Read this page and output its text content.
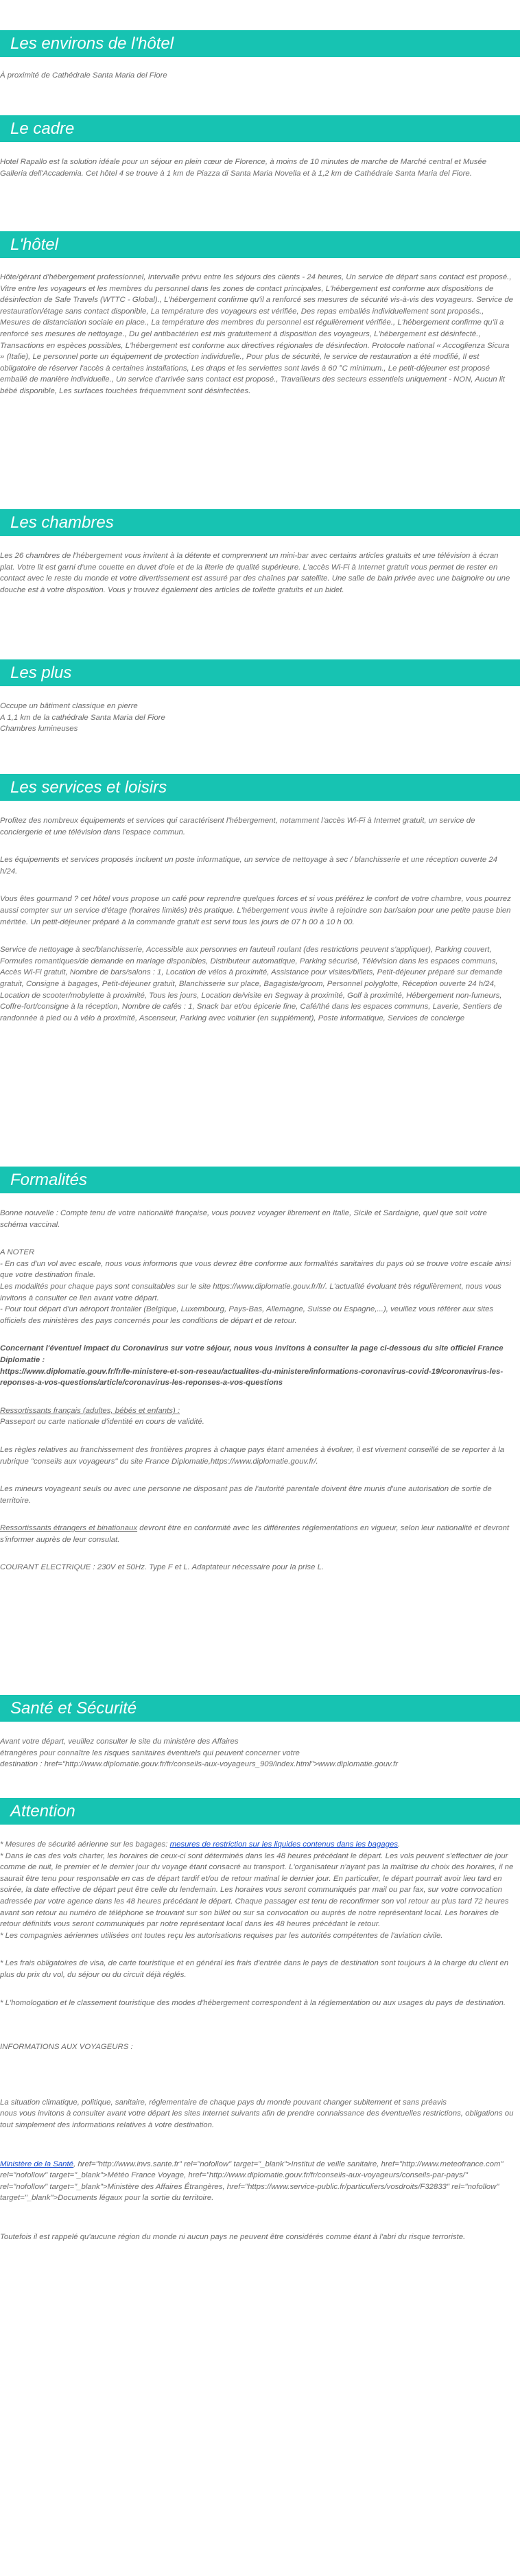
Les environs de l'hôtel

À proximité de Cathédrale Santa Maria del Fiore

Le cadre

Hotel Rapallo est la solution idéale pour un séjour en plein cœur de Florence, à moins de 10 minutes de marche de Marché central et Musée Galleria dell'Accademia. Cet hôtel 4 se trouve à 1 km de Piazza di Santa Maria Novella et à 1,2 km de Cathédrale Santa Maria del Fiore.

L'hôtel

Hôte/gérant d'hébergement professionnel, Intervalle prévu entre les séjours des clients - 24 heures, Un service de départ sans contact est proposé., Vitre entre les voyageurs et les membres du personnel dans les zones de contact principales, L'hébergement est conforme aux dispositions de désinfection de Safe Travels (WTTC - Global)., L'hébergement confirme qu'il a renforcé ses mesures de sécurité vis-à-vis des voyageurs. Service de restauration/étage sans contact disponible, La température des voyageurs est vérifiée, Des repas emballés individuellement sont proposés., Mesures de distanciation sociale en place., La température des membres du personnel est régulièrement vérifiée., L'hébergement confirme qu'il a renforcé ses mesures de nettoyage., Du gel antibactérien est mis gratuitement à disposition des voyageurs, L'hébergement est désinfecté., Transactions en espèces possibles, L'hébergement est conforme aux directives régionales de désinfection. Protocole national « Accoglienza Sicura » (Italie), Le personnel porte un équipement de protection individuelle., Pour plus de sécurité, le service de restauration a été modifié, Il est obligatoire de réserver l'accès à certaines installations, Les draps et les serviettes sont lavés à 60 °C minimum., Le petit-déjeuner est proposé emballé de manière individuelle., Un service d'arrivée sans contact est proposé., Travailleurs des secteurs essentiels uniquement - NON, Aucun lit bébé disponible, Les surfaces touchées fréquemment sont désinfectées.

Les chambres

Les 26 chambres de l'hébergement vous invitent à la détente et comprennent un mini-bar avec certains articles gratuits et une télévision à écran plat. Votre lit est garni d'une couette en duvet d'oie et de la literie de qualité supérieure. L'accès Wi-Fi à Internet gratuit vous permet de rester en contact avec le reste du monde et votre divertissement est assuré par des chaînes par satellite. Une salle de bain privée avec une baignoire ou une douche est à votre disposition. Vous y trouvez également des articles de toilette gratuits et un bidet.

Les plus

Occupe un bâtiment classique en pierre

A 1,1 km de la cathédrale Santa Maria del Fiore

Chambres lumineuses

Les services et loisirs

Profitez des nombreux équipements et services qui caractérisent l'hébergement, notamment l'accès Wi-Fi à Internet gratuit, un service de conciergerie et une télévision dans l'espace commun.

Les équipements et services proposés incluent un poste informatique, un service de nettoyage à sec / blanchisserie et une réception ouverte 24 h/24.

Vous êtes gourmand ? cet hôtel vous propose un café pour reprendre quelques forces et si vous préférez le confort de votre chambre, vous pourrez aussi compter sur un service d'étage (horaires limités) très pratique. L'hébergement vous invite à rejoindre son bar/salon pour une petite pause bien méritée. Un petit-déjeuner préparé à la commande gratuit est servi tous les jours de 07 h 00 à 10 h 00.

Service de nettoyage à sec/blanchisserie, Accessible aux personnes en fauteuil roulant (des restrictions peuvent s'appliquer), Parking couvert, Formules romantiques/de demande en mariage disponibles, Distributeur automatique, Parking sécurisé, Télévision dans les espaces communs, Accès Wi-Fi gratuit, Nombre de bars/salons : 1, Location de vélos à proximité, Assistance pour visites/billets, Petit-déjeuner préparé sur demande gratuit, Consigne à bagages, Petit-déjeuner gratuit, Blanchisserie sur place, Bagagiste/groom, Personnel polyglotte, Réception ouverte 24 h/24, Location de scooter/mobylette à proximité, Tous les jours, Location de/visite en Segway à proximité, Golf à proximité, Hébergement non-fumeurs, Coffre-fort/consigne à la réception, Nombre de cafés : 1, Snack bar et/ou épicerie fine, Café/thé dans les espaces communs, Laverie, Sentiers de randonnée à pied ou à vélo à proximité, Ascenseur, Parking avec voiturier (en supplément), Poste informatique, Services de concierge

Formalités

Bonne nouvelle : Compte tenu de votre nationalité française, vous pouvez voyager librement en Italie, Sicile et Sardaigne, quel que soit votre schéma vaccinal.

A NOTER

- En cas d'un vol avec escale, nous vous informons que vous devrez être conforme aux formalités sanitaires du pays où se trouve votre escale ainsi que votre destination finale.
Les modalités pour chaque pays sont consultables sur le site https://www.diplomatie.gouv.fr/fr/. L'actualité évoluant très régulièrement, nous vous invitons à consulter ce lien avant votre départ.
- Pour tout départ d'un aéroport frontalier (Belgique, Luxembourg, Pays-Bas, Allemagne, Suisse ou Espagne,...), veuillez vous référer aux sites officiels des ministères des pays concernés pour les conditions de départ et de retour.

Concernant l'éventuel impact du Coronavirus sur votre séjour, nous vous invitons à consulter la page ci-dessous du site officiel France Diplomatie :
https://www.diplomatie.gouv.fr/fr/le-ministere-et-son-reseau/actualites-du-ministere/informations-coronavirus-covid-19/coronavirus-les-reponses-a-vos-questions/article/coronavirus-les-reponses-a-vos-questions

Ressortissants français (adultes, bébés et enfants) :

Passeport ou carte nationale d'identité en cours de validité.

Les règles relatives au franchissement des frontières propres à chaque pays étant amenées à évoluer, il est vivement conseillé de se reporter à la rubrique "conseils aux voyageurs" du site France Diplomatie,https://www.diplomatie.gouv.fr/.

Les mineurs voyageant seuls ou avec une personne ne disposant pas de l'autorité parentale doivent être munis d'une autorisation de sortie de territoire.

Ressortissants étrangers et binationaux devront être en conformité avec les différentes réglementations en vigueur, selon leur nationalité et devront s'informer auprès de leur consulat.

COURANT ELECTRIQUE : 230V et 50Hz. Type F et L. Adaptateur nécessaire pour la prise L.

Santé et Sécurité

Avant votre départ, veuillez consulter le site du ministère des Affaires
étrangères pour connaître les risques sanitaires éventuels qui peuvent concerner votre
destination : href="http://www.diplomatie.gouv.fr/fr/conseils-aux-voyageurs_909/index.html">www.diplomatie.gouv.fr

Attention

* Mesures de sécurité aérienne sur les bagages: mesures de restriction sur les liquides contenus dans les bagages.
* Dans le cas des vols charter, les horaires de ceux-ci sont déterminés dans les 48 heures précédant le départ. Les vols peuvent s'effectuer de jour comme de nuit, le premier et le dernier jour du voyage étant consacré au transport. L'organisateur n'ayant pas la maîtrise du choix des horaires, il ne saurait être tenu pour responsable en cas de départ tardif et/ou de retour matinal le dernier jour. En particulier, le départ pourrait avoir lieu tard en soirée, la date effective de départ peut être celle du lendemain. Les horaires vous seront communiqués par mail ou par fax, sur votre convocation adressée par votre agence dans les 48 heures précédant le départ. Chaque passager est tenu de reconfirmer son vol retour au plus tard 72 heures avant son retour au numéro de téléphone se trouvant sur son billet ou sur sa convocation ou auprès de notre représentant local. Les horaires de retour définitifs vous seront communiqués par notre représentant local dans les 48 heures précédant le retour.
* Les compagnies aériennes utilisées ont toutes reçu les autorisations requises par les autorités compétentes de l'aviation civile.

* Les frais obligatoires de visa, de carte touristique et en général les frais d'entrée dans le pays de destination sont toujours à la charge du client en plus du prix du vol, du séjour ou du circuit déjà réglés.

* L'homologation et le classement touristique des modes d'hébergement correspondent à la réglementation ou aux usages du pays de destination.

INFORMATIONS AUX VOYAGEURS :

La situation climatique, politique, sanitaire, réglementaire de chaque pays du monde pouvant changer subitement et sans préavis
nous vous invitons à consulter avant votre départ les sites Internet suivants afin de prendre connaissance des éventuelles restrictions, obligations ou tout simplement des informations relatives à votre destination.

Ministère de la Santé, href="http://www.invs.sante.fr" rel="nofollow" target="_blank">Institut de veille sanitaire, href="http://www.meteofrance.com" rel="nofollow" target="_blank">Météo France Voyage, href="http://www.diplomatie.gouv.fr/fr/conseils-aux-voyageurs/conseils-par-pays/" rel="nofollow" target="_blank">Ministère des Affaires Étrangères, href="https://www.service-public.fr/particuliers/vosdroits/F32833" rel="nofollow" target="_blank">Documents légaux pour la sortie du territoire.

Toutefois il est rappelé qu'aucune région du monde ni aucun pays ne peuvent être considérés comme étant à l'abri du risque terroriste.
